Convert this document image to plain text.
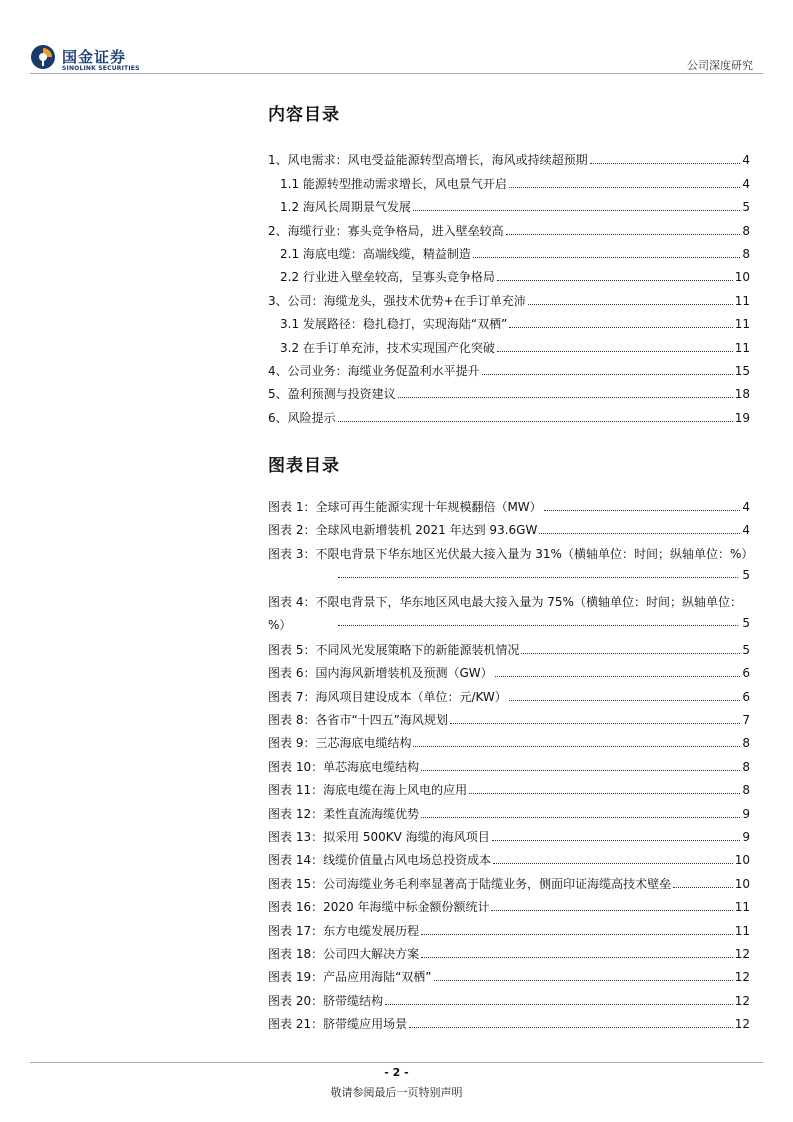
国金证券
SINOLINK SECURITIES	公司深度研究
内容目录
1、风电需求：风电受益能源转型高增长，海风或持续超预期	4
1.1 能源转型推动需求增长，风电景气开启	4
1.2 海风长周期景气发展	5
2、海缆行业：寡头竞争格局，进入壁垒较高	8
2.1 海底电缆：高端线缆，精益制造	8
2.2 行业进入壁垒较高，呈寡头竞争格局	10
3、公司：海缆龙头，强技术优势+在手订单充沛	11
3.1 发展路径：稳扎稳打，实现海陆“双栖”	11
3.2 在手订单充沛，技术实现国产化突破	11
4、公司业务：海缆业务促盈利水平提升	15
5、盈利预测与投资建议	18
6、风险提示	19
图表目录
图表 1：全球可再生能源实现十年规模翻倍（MW）	4
图表 2：全球风电新增装机 2021 年达到 93.6GW	4
图表 3：不限电背景下华东地区光伏最大接入量为 31%（横轴单位：时间；纵轴单位：%）
5
图表 4：不限电背景下，华东地区风电最大接入量为 75%（横轴单位：时间；纵轴单位：%）	5
图表 5：不同风光发展策略下的新能源装机情况	5
图表 6：国内海风新增装机及预测（GW）	6
图表 7：海风项目建设成本（单位：元/KW）	6
图表 8：各省市“十四五”海风规划	7
图表 9：三芯海底电缆结构	8
图表 10：单芯海底电缆结构	8
图表 11：海底电缆在海上风电的应用	8
图表 12：柔性直流海缆优势	9
图表 13：拟采用 500KV 海缆的海风项目	9
图表 14：线缆价值量占风电场总投资成本	10
图表 15：公司海缆业务毛利率显著高于陆缆业务，侧面印证海缆高技术壁垒	10
图表 16：2020 年海缆中标金额份额统计	11
图表 17：东方电缆发展历程	11
图表 18：公司四大解决方案	12
图表 19：产品应用海陆“双栖”	12
图表 20：脐带缆结构	12
图表 21：脐带缆应用场景	12
- 2 -
敬请参阅最后一页特别声明
